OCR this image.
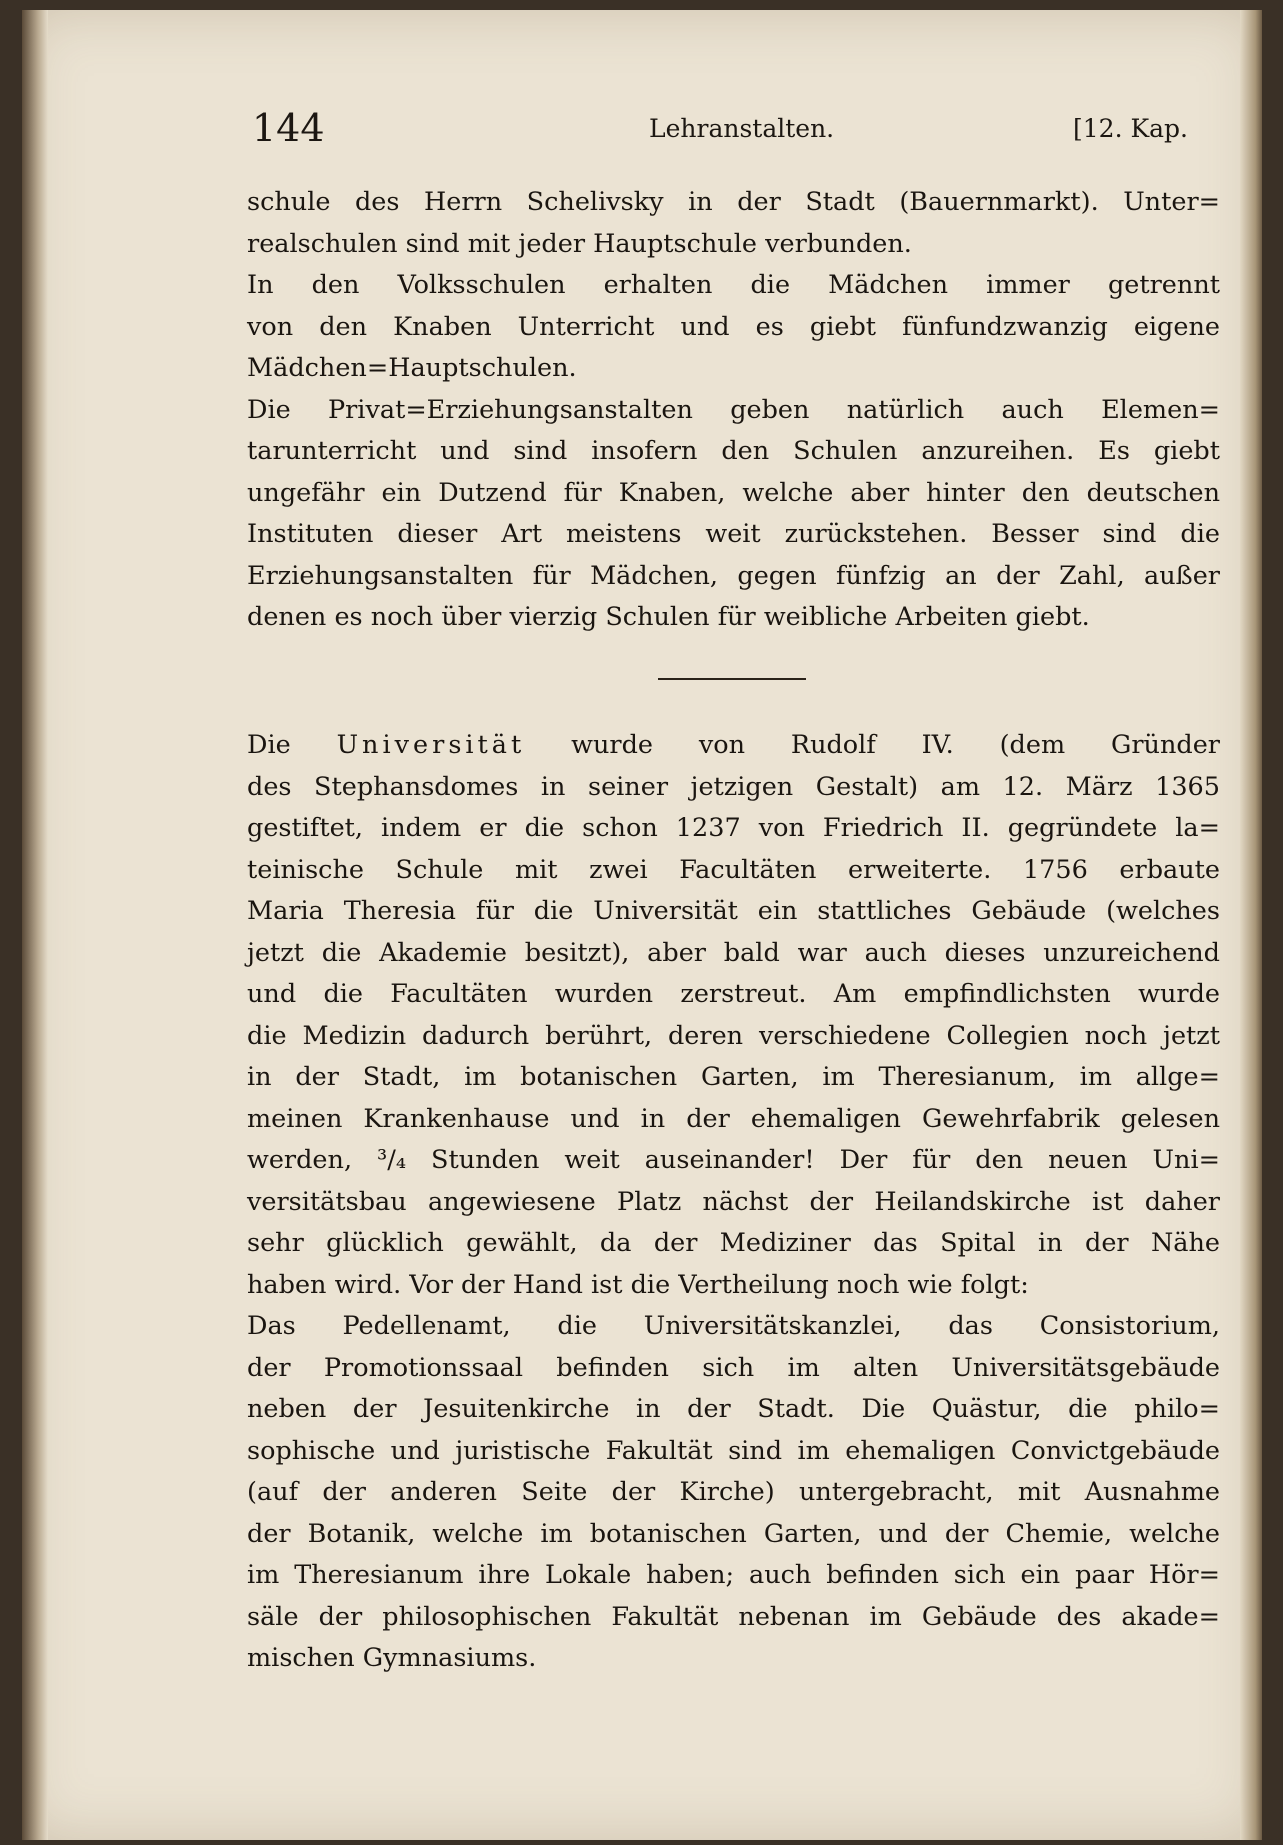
144	Lehranstalten.	[12. Kap.
schule des Herrn Schelivsky in der Stadt (Bauernmarkt). Unter=
realschulen sind mit jeder Hauptschule verbunden.
In den Volksschulen erhalten die Mädchen immer getrennt
von den Knaben Unterricht und es giebt fünfundzwanzig eigene
Mädchen=Hauptschulen.
Die Privat=Erziehungsanstalten geben natürlich auch Elemen=
tarunterricht und sind insofern den Schulen anzureihen. Es giebt
ungefähr ein Dutzend für Knaben, welche aber hinter den deutschen
Instituten dieser Art meistens weit zurückstehen. Besser sind die
Erziehungsanstalten für Mädchen, gegen fünfzig an der Zahl, außer
denen es noch über vierzig Schulen für weibliche Arbeiten giebt.
Die Universität wurde von Rudolf IV. (dem Gründer
des Stephansdomes in seiner jetzigen Gestalt) am 12. März 1365
gestiftet, indem er die schon 1237 von Friedrich II. gegründete la=
teinische Schule mit zwei Facultäten erweiterte. 1756 erbaute
Maria Theresia für die Universität ein stattliches Gebäude (welches
jetzt die Akademie besitzt), aber bald war auch dieses unzureichend
und die Facultäten wurden zerstreut. Am empfindlichsten wurde
die Medizin dadurch berührt, deren verschiedene Collegien noch jetzt
in der Stadt, im botanischen Garten, im Theresianum, im allge=
meinen Krankenhause und in der ehemaligen Gewehrfabrik gelesen
werden, ³/₄ Stunden weit auseinander! Der für den neuen Uni=
versitätsbau angewiesene Platz nächst der Heilandskirche ist daher
sehr glücklich gewählt, da der Mediziner das Spital in der Nähe
haben wird. Vor der Hand ist die Vertheilung noch wie folgt:
Das Pedellenamt, die Universitätskanzlei, das Consistorium,
der Promotionssaal befinden sich im alten Universitätsgebäude
neben der Jesuitenkirche in der Stadt. Die Quästur, die philo=
sophische und juristische Fakultät sind im ehemaligen Convictgebäude
(auf der anderen Seite der Kirche) untergebracht, mit Ausnahme
der Botanik, welche im botanischen Garten, und der Chemie, welche
im Theresianum ihre Lokale haben; auch befinden sich ein paar Hör=
säle der philosophischen Fakultät nebenan im Gebäude des akade=
mischen Gymnasiums.
